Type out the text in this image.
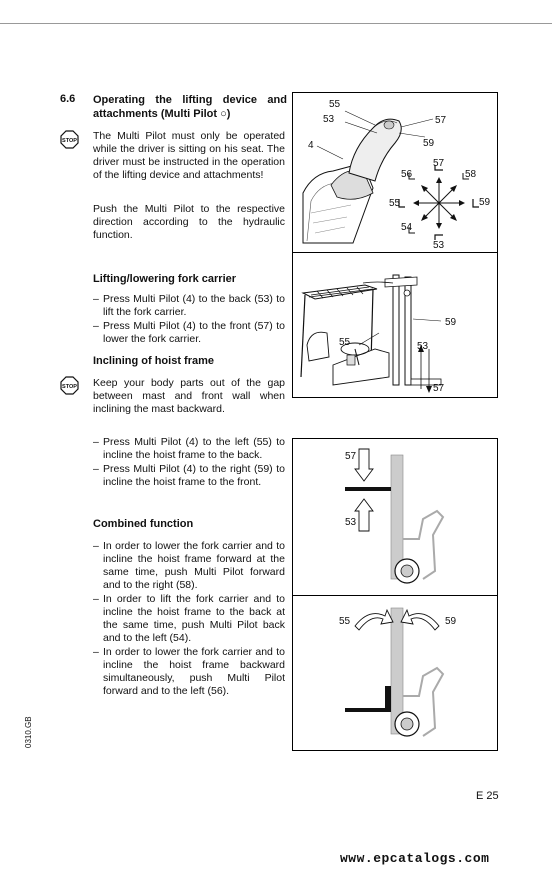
6.6 Operating the lifting device and attachments (Multi Pilot ○)
STOP The Multi Pilot must only be operated while the driver is sitting on his seat. The driver must be instructed in the operation of the lifting device and attachments!
Push the Multi Pilot to the respective direction according to the hydraulic function.
Lifting/lowering fork carrier
– Press Multi Pilot (4) to the back (53) to lift the fork carrier.
– Press Multi Pilot (4) to the front (57) to lower the fork carrier.
Inclining of hoist frame
STOP Keep your body parts out of the gap between mast and front wall when inclining the mast backward.
– Press Multi Pilot (4) to the left (55) to incline the hoist frame to the back.
– Press Multi Pilot (4) to the right (59) to incline the hoist frame to the front.
Combined function
– In order to lower the fork carrier and to incline the hoist frame forward at the same time, push Multi Pilot forward and to the right (58).
– In order to lift the fork carrier and to incline the hoist frame to the back at the same time, push Multi Pilot back and to the left (54).
– In order to lower the fork carrier and to incline the hoist frame backward simultaneously, push Multi Pilot forward and to the left (56).
55
53	57
59
4
57
56	58
55	59
54
53
59
55	53
57
57
53
55	59
0310.GB
E 25
www.epcatalogs.com
